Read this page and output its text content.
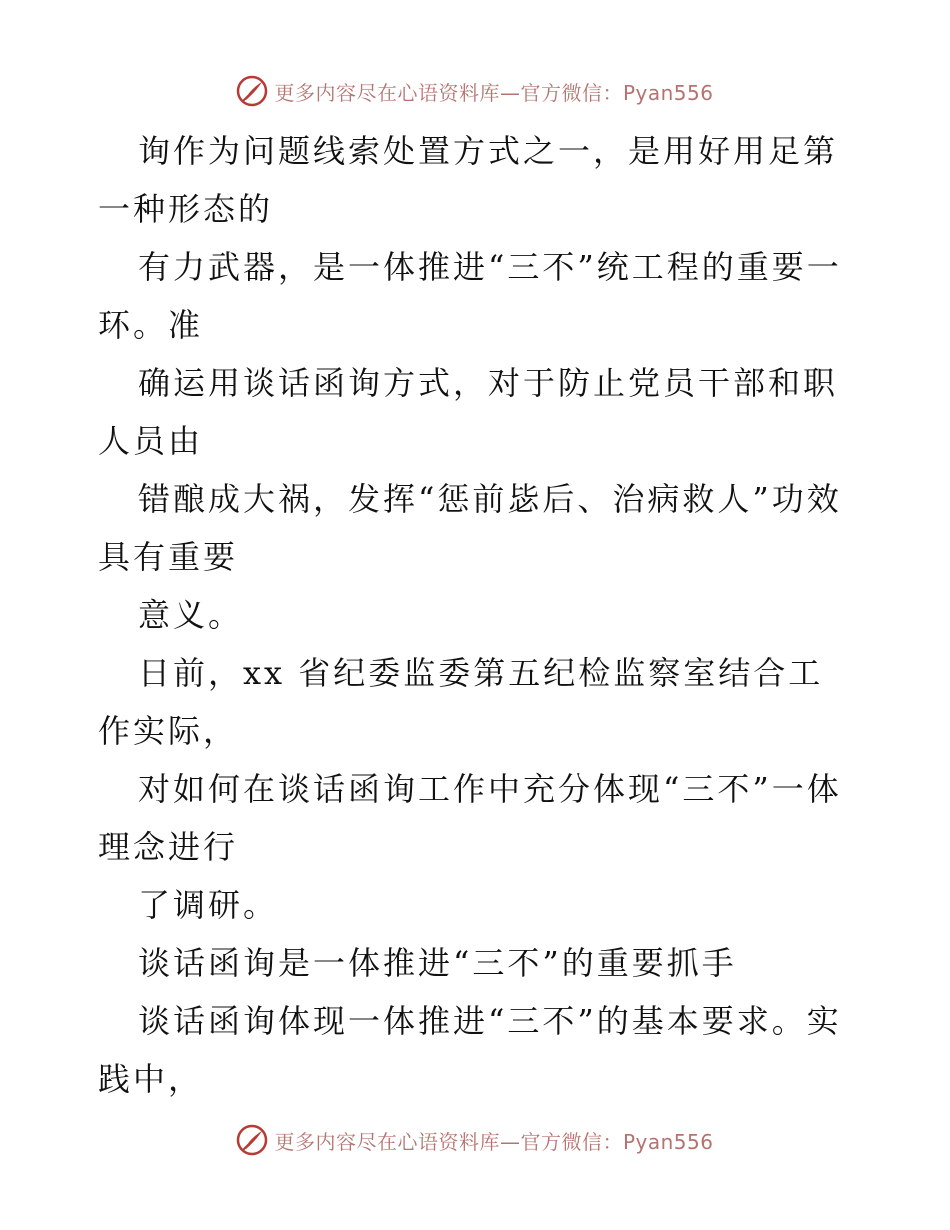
更多内容尽在心语资料库—官方微信：Pyan556

询作为问题线索处置方式之一，是用好用足第一种形态的

有力武器，是一体推进“三不”统工程的重要一环。准

确运用谈话函询方式，对于防止党员干部和职人员由

错酿成大祸，发挥“惩前毖后、治病救人”功效具有重要

意义。

日前，xx 省纪委监委第五纪检监察室结合工作实际，

对如何在谈话函询工作中充分体现“三不”一体理念进行

了调研。

谈话函询是一体推进“三不”的重要抓手

谈话函询体现一体推进“三不”的基本要求。实践中，

更多内容尽在心语资料库—官方微信：Pyan556
